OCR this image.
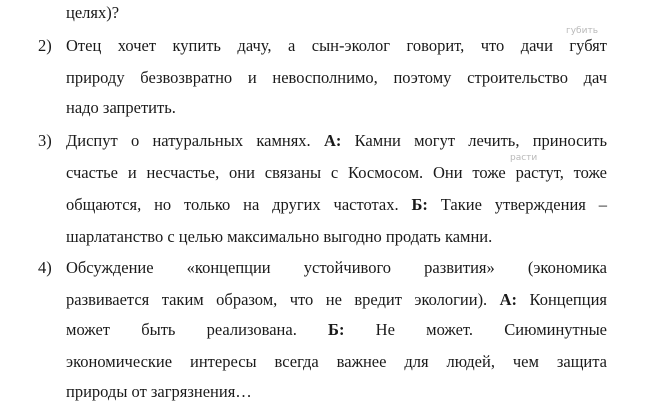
целях)?
губить
2) Отец хочет купить дачу, а сын-эколог говорит, что дачи губят
природу безвозвратно и невосполнимо, поэтому строительство дач
надо запретить.
3) Диспут о натуральных камнях. А: Камни могут лечить, приносить
расти
счастье и несчастье, они связаны с Космосом. Они тоже растут, тоже
общаются, но только на других частотах. Б: Такие утверждения –
шарлатанство с целью максимально выгодно продать камни.
4) Обсуждение «концепции устойчивого развития» (экономика
развивается таким образом, что не вредит экологии). А: Концепция
может быть реализована. Б: Не может. Сиюминутные
экономические интересы всегда важнее для людей, чем защита
природы от загрязнения…
